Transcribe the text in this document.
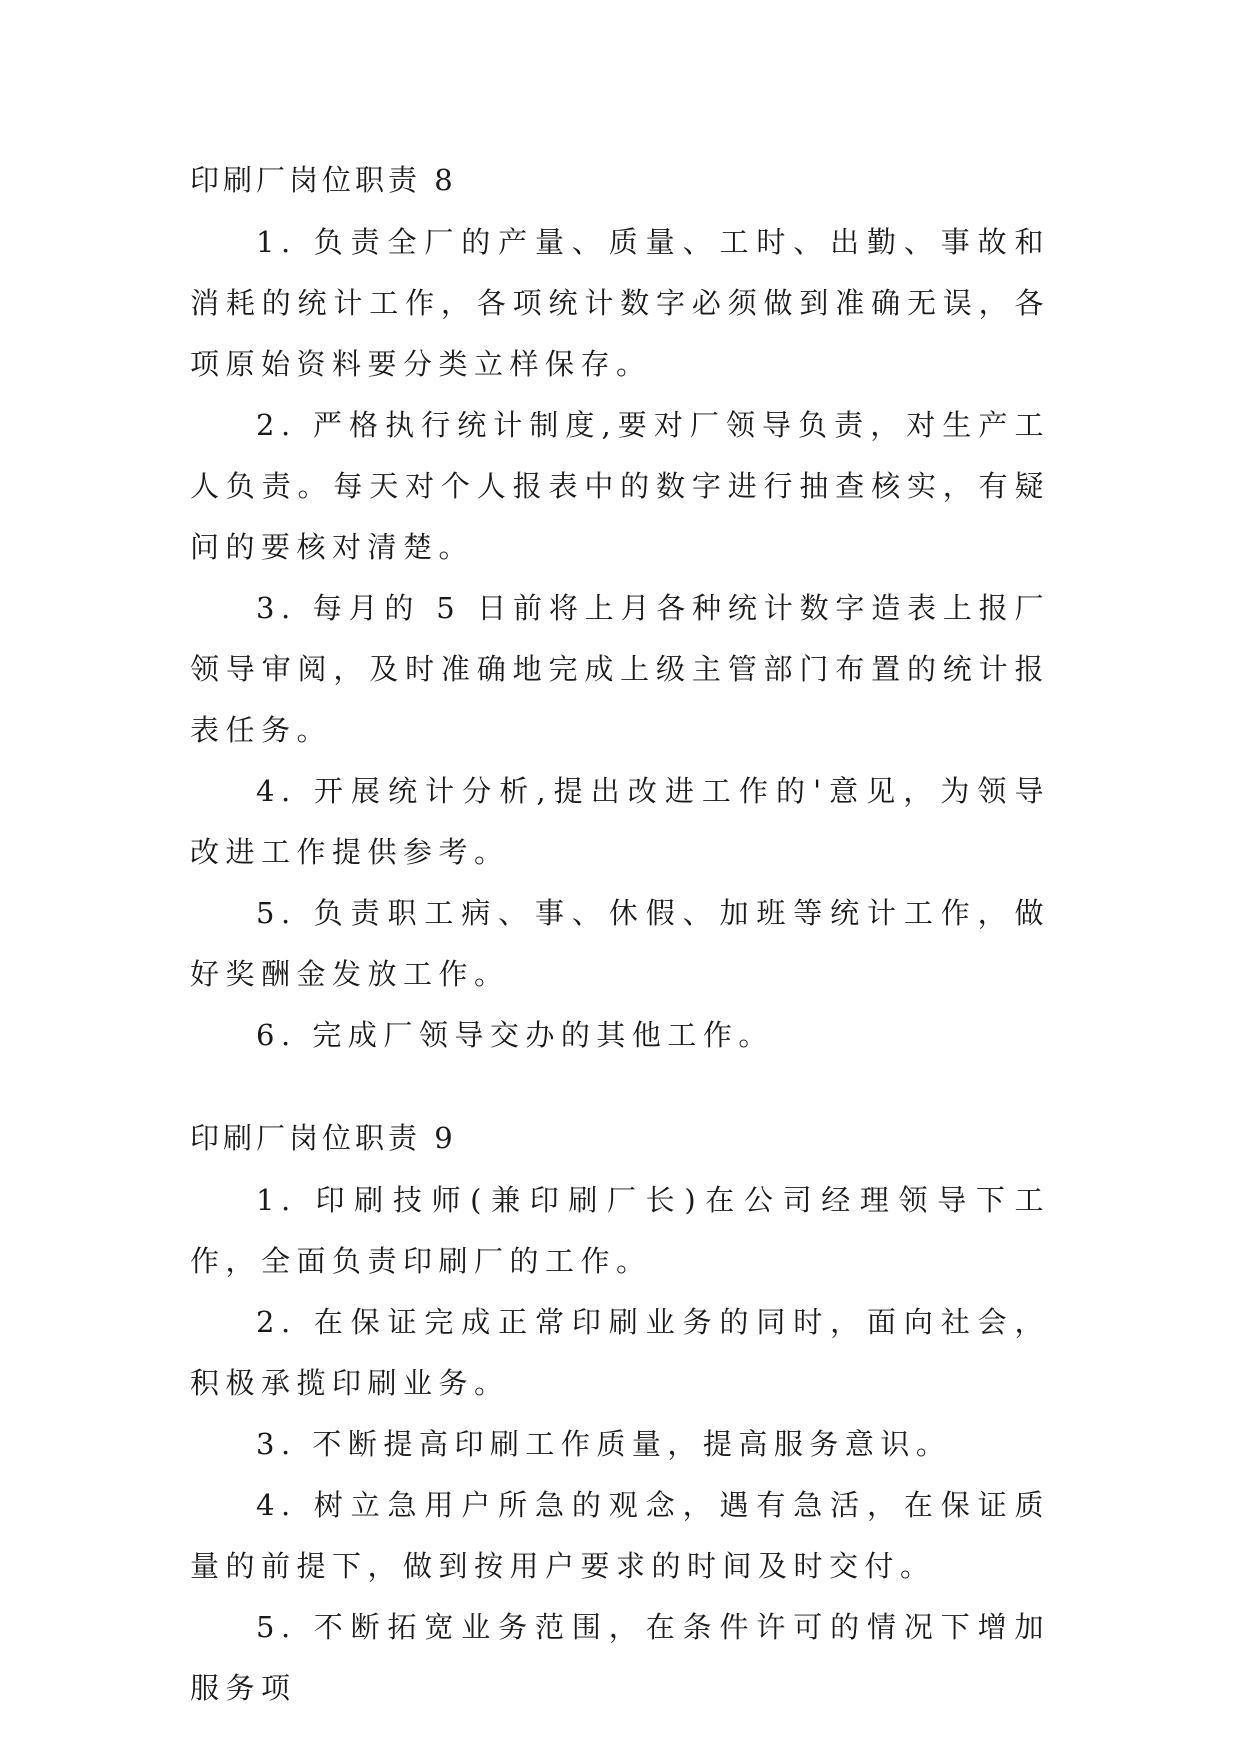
印刷厂岗位职责 8

1. 负责全厂的产量、质量、工时、出勤、事故和消耗的统计工作，各项统计数字必须做到准确无误，各项原始资料要分类立样保存。

2. 严格执行统计制度,要对厂领导负责，对生产工人负责。每天对个人报表中的数字进行抽查核实，有疑问的要核对清楚。

3. 每月的 5 日前将上月各种统计数字造表上报厂领导审阅，及时准确地完成上级主管部门布置的统计报表任务。

4. 开展统计分析,提出改进工作的'意见，为领导改进工作提供参考。

5. 负责职工病、事、休假、加班等统计工作，做好奖酬金发放工作。

6. 完成厂领导交办的其他工作。

印刷厂岗位职责 9

1. 印刷技师(兼印刷厂长)在公司经理领导下工作，全面负责印刷厂的工作。

2. 在保证完成正常印刷业务的同时，面向社会，积极承揽印刷业务。

3. 不断提高印刷工作质量，提高服务意识。

4. 树立急用户所急的观念，遇有急活，在保证质量的前提下，做到按用户要求的时间及时交付。

5. 不断拓宽业务范围，在条件许可的情况下增加服务项
